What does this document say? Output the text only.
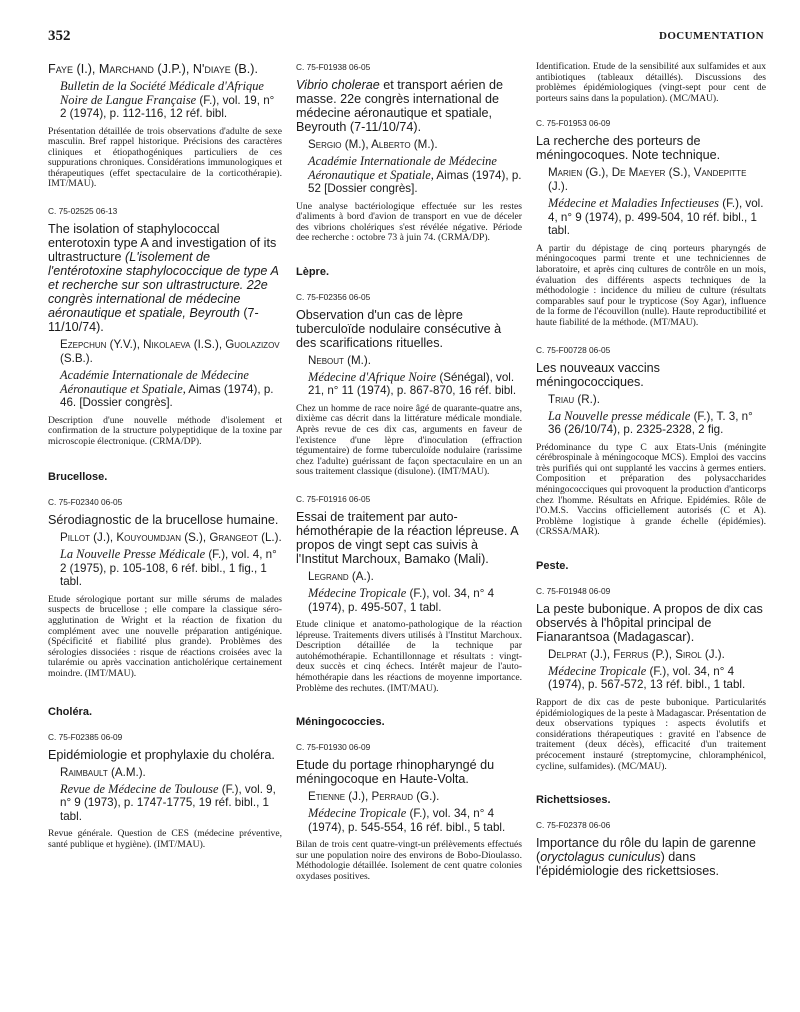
352	DOCUMENTATION

Faye (I.), Marchand (J.P.), N'diaye (B.).

Bulletin de la Société Médicale d'Afrique Noire de Langue Française (F.), vol. 19, n° 2 (1974), p. 112-116, 12 réf. bibl.

Présentation détaillée de trois observations d'adulte de sexe masculin. Bref rappel historique. Précisions des caractères cliniques et étiopathogéniques particuliers de ces suppurations chroniques. Considérations immunologiques et thérapeutiques (effet spectaculaire de la corticothérapie). IMT/MAU).

C. 75-02525 06-13

The isolation of staphylococcal enterotoxin type A and investigation of its ultrastructure (L'isolement de l'entérotoxine staphylococcique de type A et recherche sur son ultrastructure. 22e congrès international de médecine aéronautique et spatiale, Beyrouth (7-11/10/74).

Ezepchun (Y.V.), Nikolaeva (I.S.), Guolazizov (S.B.).

Académie Internationale de Médecine Aéronautique et Spatiale, Aimas (1974), p. 46. [Dossier congrès].

Description d'une nouvelle méthode d'isolement et confirmation de la structure polypeptidique de la toxine par microscopie électronique. (CRMA/DP).

Brucellose.

C. 75-F02340 06-05

Sérodiagnostic de la brucellose humaine.

Pillot (J.), Kouyoumdjan (S.), Grangeot (L.).

La Nouvelle Presse Médicale (F.), vol. 4, n° 2 (1975), p. 105-108, 6 réf. bibl., 1 fig., 1 tabl.

Etude sérologique portant sur mille sérums de malades suspects de brucellose ; elle compare la classique séro-agglutination de Wright et la réaction de fixation du complément avec une nouvelle préparation antigénique. (Spécificité et fiabilité plus grande). Problèmes des sérologies dissociées : risque de réactions croisées avec la tularémie ou après vaccination anticholérique certainement moindre. (IMT/MAU).

Choléra.

C. 75-F02385 06-09

Epidémiologie et prophylaxie du choléra.

Raimbault (A.M.).

Revue de Médecine de Toulouse (F.), vol. 9, n° 9 (1973), p. 1747-1775, 19 réf. bibl., 1 tabl.

Revue générale. Question de CES (médecine préventive, santé publique et hygiène). (IMT/MAU).

C. 75-F01938 06-05

Vibrio cholerae et transport aérien de masse. 22e congrès international de médecine aéronautique et spatiale, Beyrouth (7-11/10/74).

Sergio (M.), Alberto (M.).

Académie Internationale de Médecine Aéronautique et Spatiale, Aimas (1974), p. 52 [Dossier congrès].

Une analyse bactériologique effectuée sur les restes d'aliments à bord d'avion de transport en vue de déceler des vibrions cholériques s'est révélée négative. Période dee recherche : octobre 73 à juin 74. (CRMA/DP).

Lèpre.

C. 75-F02356 06-05

Observation d'un cas de lèpre tuberculoïde nodulaire consécutive à des scarifications rituelles.

Nebout (M.).

Médecine d'Afrique Noire (Sénégal), vol. 21, n° 11 (1974), p. 867-870, 16 réf. bibl.

Chez un homme de race noire âgé de quarante-quatre ans, dixième cas décrit dans la littérature médicale mondiale. Après revue de ces dix cas, arguments en faveur de l'existence d'une lèpre d'inoculation (effraction tégumentaire) de forme tuberculoïde nodulaire (rarissime chez l'adulte) guérissant de façon spectaculaire en un an sous traitement classique (disulone). (IMT/MAU).

C. 75-F01916 06-05

Essai de traitement par auto-hémothérapie de la réaction lépreuse. A propos de vingt sept cas suivis à l'Institut Marchoux, Bamako (Mali).

Legrand (A.).

Médecine Tropicale (F.), vol. 34, n° 4 (1974), p. 495-507, 1 tabl.

Etude clinique et anatomo-pathologique de la réaction lépreuse. Traitements divers utilisés à l'Institut Marchoux. Description détaillée de la technique par autohémothérapie. Echantillonnage et résultats : vingt-deux succès et cinq échecs. Intérêt majeur de l'auto-hémothérapie dans les réactions de moyenne importance. Problème des rechutes. (IMT/MAU).

Méningococcies.

C. 75-F01930 06-09

Etude du portage rhinopharyngé du méningocoque en Haute-Volta.

Etienne (J.), Perraud (G.).

Médecine Tropicale (F.), vol. 34, n° 4 (1974), p. 545-554, 16 réf. bibl., 5 tabl.

Bilan de trois cent quatre-vingt-un prélèvements effectués sur une population noire des environs de Bobo-Dioulasso. Méthodologie détaillée. Isolement de cent quatre colonies oxydases positives.

Identification. Etude de la sensibilité aux sulfamides et aux antibiotiques (tableaux détaillés). Discussions des problèmes épidémiologiques (vingt-sept pour cent de porteurs sains dans la population). (MC/MAU).

C. 75-F01953 06-09

La recherche des porteurs de méningocoques. Note technique.

Marien (G.), De Maeyer (S.), Vandepitte (J.).

Médecine et Maladies Infectieuses (F.), vol. 4, n° 9 (1974), p. 499-504, 10 réf. bibl., 1 tabl.

A partir du dépistage de cinq porteurs pharyngés de méningocoques parmi trente et une techniciennes de laboratoire, et après cinq cultures de contrôle en un mois, évaluation des différents aspects techniques de la méthodologie : incidence du milieu de culture (résultats comparables sauf pour le trypticose (Soy Agar), influence de la forme de l'écouvillon (nulle). Haute reproductibilité et haute fiabilité de la méthode. (MT/MAU).

C. 75-F00728 06-05

Les nouveaux vaccins méningococciques.

Triau (R.).

La Nouvelle presse médicale (F.), T. 3, n° 36 (26/10/74), p. 2325-2328, 2 fig.

Prédominance du type C aux Etats-Unis (méningite cérébrospinale à méningocoque MCS). Emploi des vaccins très purifiés qui ont supplanté les vaccins à germes entiers. Composition et préparation des polysaccharides méningococciques qui provoquent la production d'anticorps chez l'homme. Résultats en Afrique. Epidémies. Rôle de l'O.M.S. Vaccins officiellement autorisés (C et A). Problème logistique à grande échelle (épidémies). (CRSSA/MAR).

Peste.

C. 75-F01948 06-09

La peste bubonique. A propos de dix cas observés à l'hôpital principal de Fianarantsoa (Madagascar).

Delprat (J.), Ferrus (P.), Sirol (J.).

Médecine Tropicale (F.), vol. 34, n° 4 (1974), p. 567-572, 13 réf. bibl., 1 tabl.

Rapport de dix cas de peste bubonique. Particularités épidémiologiques de la peste à Madagascar. Présentation de deux observations typiques : aspects évolutifs et considérations thérapeutiques : gravité en l'absence de traitement (deux décès), efficacité d'un traitement précocement instauré (streptomycine, chloramphénicol, cycline, sulfamides). (MC/MAU).

Richettsioses.

C. 75-F02378 06-06

Importance du rôle du lapin de garenne (oryctolagus cuniculus) dans l'épidémiologie des rickettsioses.
